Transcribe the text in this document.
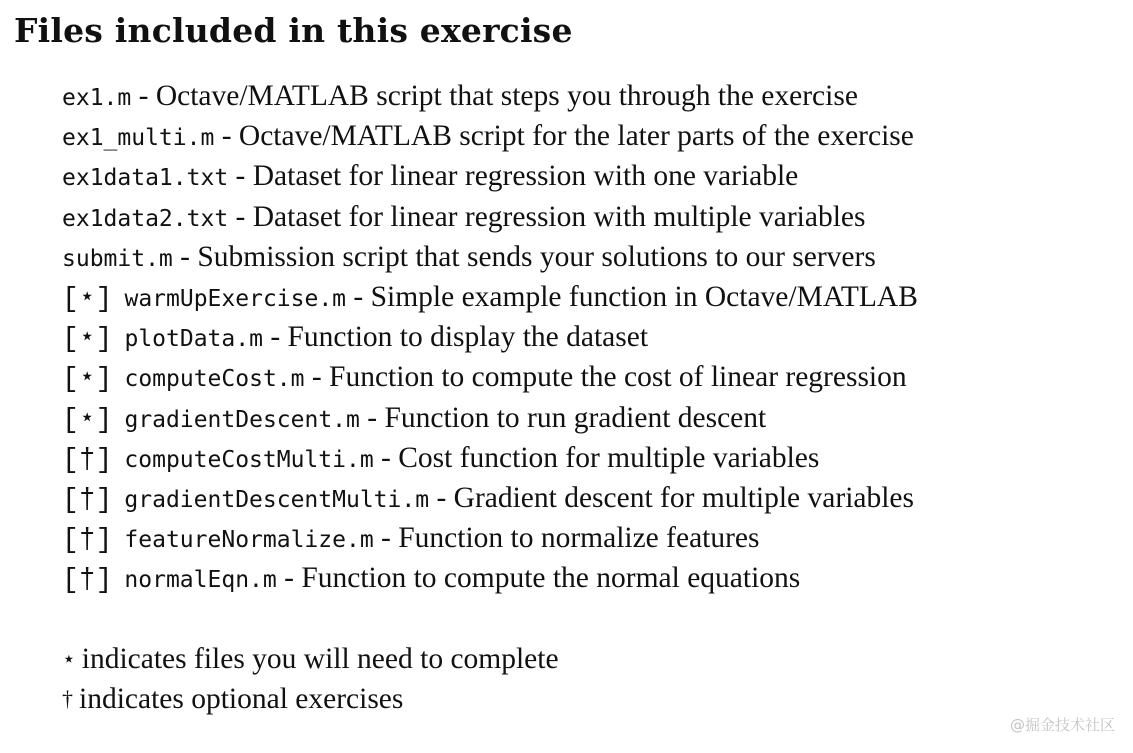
Files included in this exercise
ex1.m - Octave/MATLAB script that steps you through the exercise
ex1_multi.m - Octave/MATLAB script for the later parts of the exercise
ex1data1.txt - Dataset for linear regression with one variable
ex1data2.txt - Dataset for linear regression with multiple variables
submit.m - Submission script that sends your solutions to our servers
[⋆] warmUpExercise.m - Simple example function in Octave/MATLAB
[⋆] plotData.m - Function to display the dataset
[⋆] computeCost.m - Function to compute the cost of linear regression
[⋆] gradientDescent.m - Function to run gradient descent
[†] computeCostMulti.m - Cost function for multiple variables
[†] gradientDescentMulti.m - Gradient descent for multiple variables
[†] featureNormalize.m - Function to normalize features
[†] normalEqn.m - Function to compute the normal equations
⋆ indicates files you will need to complete
† indicates optional exercises
@掘金技术社区
